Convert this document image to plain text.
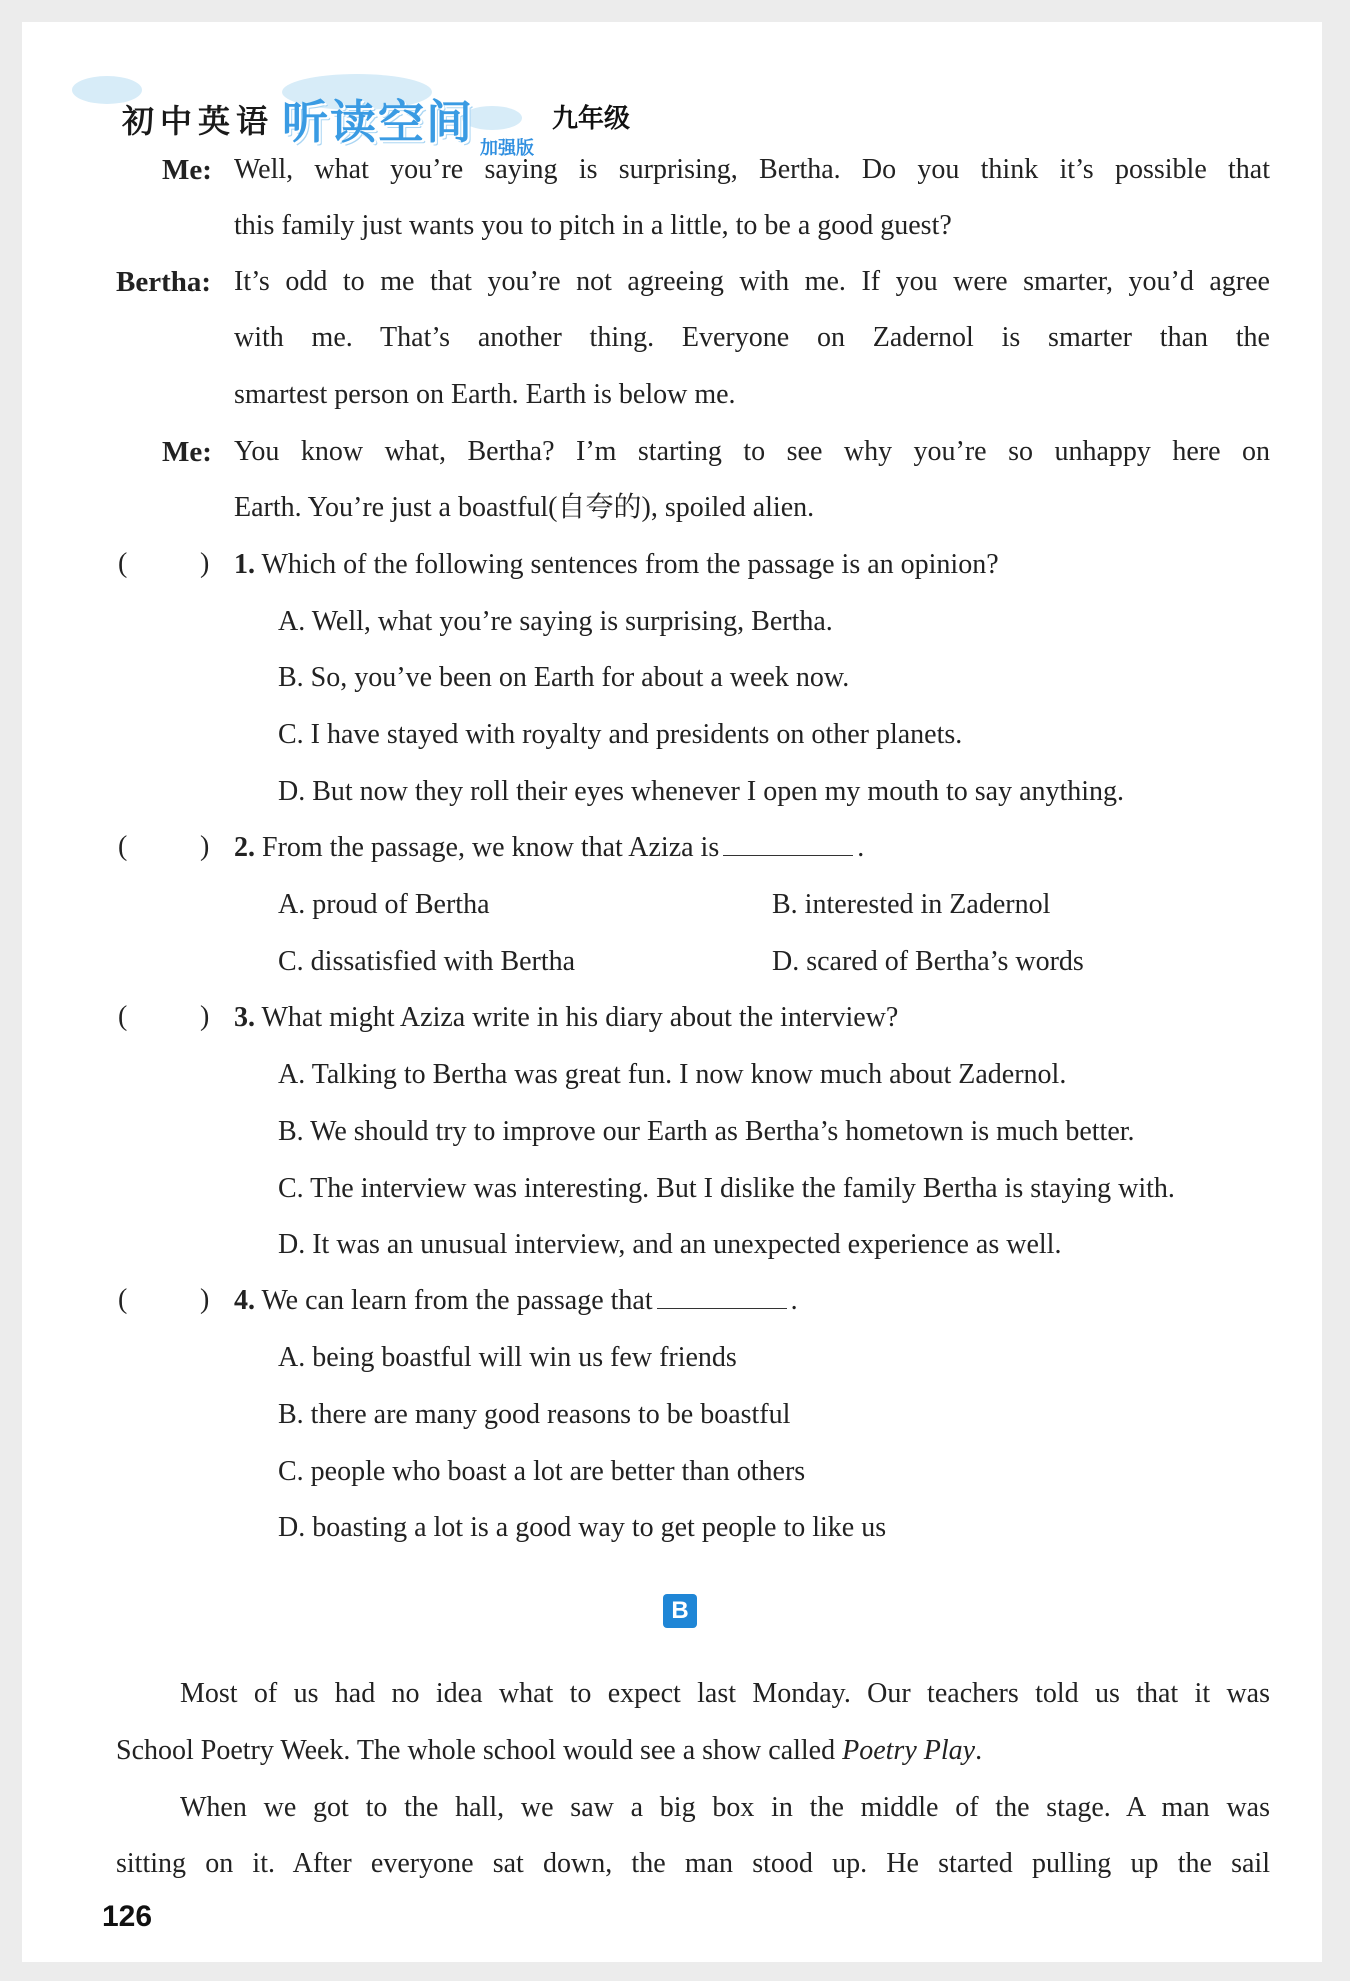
初中英语 听读空间 加强版
九年级
Me: Well, what you’re saying is surprising, Bertha. Do you think it’s possible that
this family just wants you to pitch in a little, to be a good guest?
Bertha: It’s odd to me that you’re not agreeing with me. If you were smarter, you’d agree
with me. That’s another thing. Everyone on Zadernol is smarter than the
smartest person on Earth. Earth is below me.
Me: You know what, Bertha? I’m starting to see why you’re so unhappy here on
Earth. You’re just a boastful(自夸的), spoiled alien.
(	) 1. Which of the following sentences from the passage is an opinion?
A. Well, what you’re saying is surprising, Bertha.
B. So, you’ve been on Earth for about a week now.
C. I have stayed with royalty and presidents on other planets.
D. But now they roll their eyes whenever I open my mouth to say anything.
(	) 2. From the passage, we know that Aziza is	.
A. proud of Bertha	B. interested in Zadernol
C. dissatisfied with Bertha	D. scared of Bertha’s words
(	) 3. What might Aziza write in his diary about the interview?
A. Talking to Bertha was great fun. I now know much about Zadernol.
B. We should try to improve our Earth as Bertha’s hometown is much better.
C. The interview was interesting. But I dislike the family Bertha is staying with.
D. It was an unusual interview, and an unexpected experience as well.
(	) 4. We can learn from the passage that	.
A. being boastful will win us few friends
B. there are many good reasons to be boastful
C. people who boast a lot are better than others
D. boasting a lot is a good way to get people to like us
B
Most of us had no idea what to expect last Monday. Our teachers told us that it was
School Poetry Week. The whole school would see a show called Poetry Play.
When we got to the hall, we saw a big box in the middle of the stage. A man was
sitting on it. After everyone sat down, the man stood up. He started pulling up the sail
126
